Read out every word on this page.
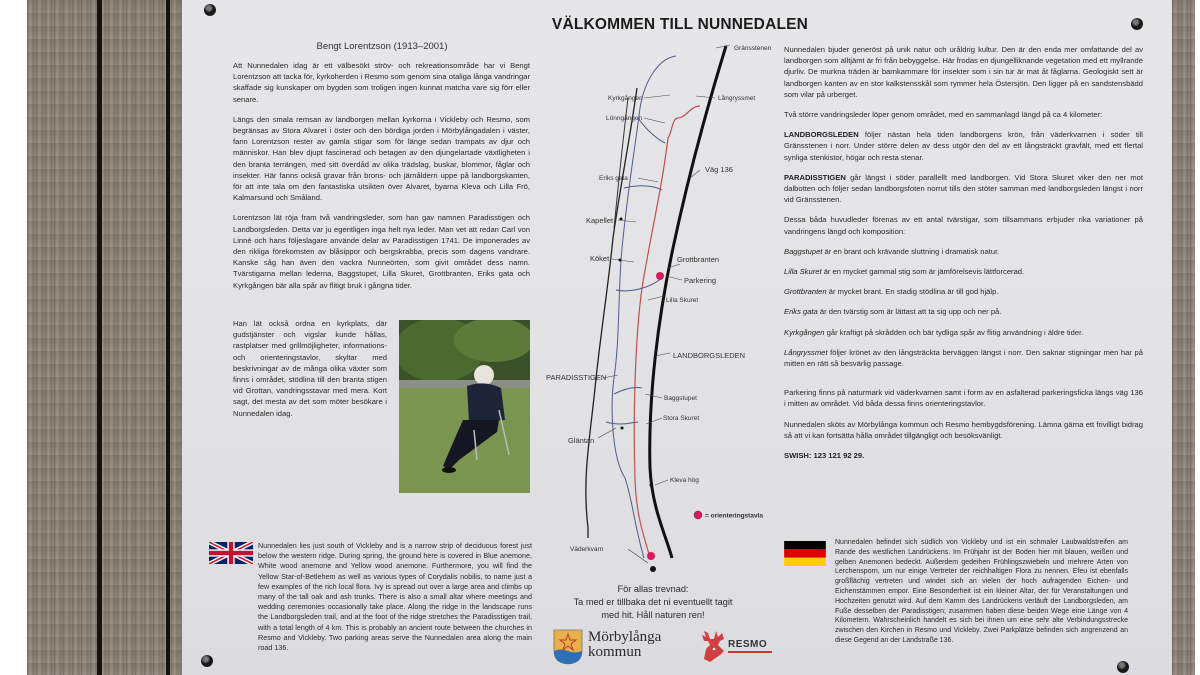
VÄLKOMMEN TILL NUNNEDALEN
Bengt Lorentzson (1913–2001)

Att Nunnedalen idag är ett välbesökt ströv- och rekreationsområde har vi Bengt Lorentzson att tacka för, kyrkoherden i Resmo som genom sina otaliga långa vandringar skaffade sig kunskaper om bygden som troligen ingen kunnat matcha vare sig förr eller senare.

Längs den smala remsan av landborgen mellan kyrkorna i Vickleby och Resmo, som begränsas av Stora Alvaret i öster och den bördiga jorden i Mörbylångadalen i väster, fann Lorentzson rester av gamla stigar som för länge sedan trampats av djur och människor. Han blev djupt fascinerad och betagen av den djungelartade växtligheten i den branta terrängen, med sitt överdåd av olika trädslag, buskar, blommor, fåglar och insekter. Här fanns också gravar från brons- och järnåldern uppe på landborgskanten, för att inte tala om den fantastiska utsikten över Alvaret, byarna Kleva och Lilla Frö, Kalmarsund och Småland.

Lorentzson lät röja fram två vandringsleder, som han gav namnen Paradisstigen och Landborgsleden. Detta var ju egentligen inga helt nya leder. Man vet att redan Carl von Linné och hans följeslagare använde delar av Paradisstigen 1741. De imponerades av den rikliga förekomsten av blåsippor och bergskrabba, precis som dagens vandrare. Kanske såg han även den vackra Nunneörten, som givit området dess namn. Tvärstigarna mellan lederna, Baggstupet, Lilla Skuret, Grottbranten, Eriks gata och Kyrkgången bär alla spår av flitigt bruk i gångna tider.

Han lät också ordna en kyrkplats, där gudstjänster och vigslar kunde hållas, rastplatser med grillmöjligheter, informations- och orienteringstavlor, skyltar med beskrivningar av de många olika växter som finns i området, stödlina till den branta stigen vid Grottan, vandringsstavar med mera. Kort sagt, det mesta av det som möter besökare i Nunnedalen idag.

Nunnedalen lies just south of Vickleby and is a narrow strip of deciduous forest just below the western ridge. During spring, the ground here is covered in Blue anemone, White wood anemone and Yellow wood anemone. Furthermore, you will find the Yellow Star-of-Betlehem as well as various types of Corydalis nobilis, to name just a few examples of the rich local flora. Ivy is spread out over a large area and climbs up many of the tall oak and ash trunks. There is also a small altar where meetings and wedding ceremonies occasionally take place. Along the ridge in the landscape runs the Landborgsleden trail, and at the foot of the ridge stretches the Paradisstigen trail, with a total length of 4 km. This is probably an ancient route between the churches in Resmo and Vickleby. Two parking areas serve the Nunnedalen area along the main road 136.

Nunnedalen bjuder generöst på unik natur och uråldrig kultur. Den är den enda mer omfattande del av landborgen som alltjämt är fri från bebyggelse. Här frodas en djungelliknande vegetation med ett myllrande djurliv. De murkna träden är barnkammare för insekter som i sin tur är mat åt fåglarna. Geologiskt sett är landborgen kanten av en stor kalkstensskål som rymmer hela Östersjön. Den ligger på en sandstensbädd som vilar på urberget.

Två större vandringsleder löper genom området, med en sammanlagd längd på ca 4 kilometer:

LANDBORGSLEDEN följer nästan hela tiden landborgens krön, från väderkvarnen i söder till Gränsstenen i norr. Under större delen av dess utgör den del av ett långsträckt gravfält, med ett flertal synliga stenkistor, högar och resta stenar.

PARADISSTIGEN går längst i söder parallellt med landborgen. Vid Stora Skuret viker den ner mot dalbotten och följer sedan landborgsfoten norrut tills den stöter samman med landborgsleden längst i norr vid Gränsstenen.

Dessa båda huvudleder förenas av ett antal tvärstigar, som tillsammans erbjuder rika variationer på vandringens längd och komposition:

Baggstupet är en brant och krävande sluttning i dramatisk natur.

Lilla Skuret är en mycket gammal stig som är jämförelsevis lättforcerad.

Grottbranten är mycket brant. En stadig stödlina är till god hjälp.

Eriks gata är den tvärstig som är lättast att ta sig upp och ner på.

Kyrkgången går kraftigt på skrådden och bär tydliga spår av flitig användning i äldre tider.

Långryssmet följer krönet av den långsträckta berväggen längst i norr. Den saknar stigningar men har på mitten en rätt så besvärlig passage.

Parkering finns på naturmark vid väderkvarnen samt i form av en asfalterad parkeringsficka längs väg 136 i mitten av området. Vid båda dessa finns orienteringstavlor.

Nunnedalen sköts av Mörbylånga kommun och Resmo hembygdsförening. Lämna gärna ett frivilligt bidrag så att vi kan fortsätta hålla området tillgängligt och besöksvänligt.

SWISH: 123 121 92 29.

Nunnedalen befindet sich südlich von Vickleby und ist ein schmaler Laubwaldstreifen am Rande des westlichen Landrückens. Im Frühjahr ist der Boden hier mit blauen, weißen und gelben Anemonen bedeckt. Außerdem gedeihen Frühlingszwiebeln und mehrere Arten von Lerchensporn, um nur einige Vertreter der reichhaltigen Flora zu nennen. Efeu ist ebenfalls großflächig vertreten und windet sich an vielen der hoch aufragenden Eichen- und Eichenstämmen empor. Eine Besonderheit ist ein kleiner Altar, der für Veranstaltungen und Hochzeiten genutzt wird. Auf dem Kamm des Landrückens verläuft der Landborgsleden, am Fuße desselben der Paradisstigen; zusammen haben diese beiden Wege eine Länge von 4 Kilometern. Wahrscheinlich handelt es sich bei ihnen um eine sehr alte Verbindungsstrecke zwischen den Kirchen in Resmo und Vickleby. Zwei Parkplätze befinden sich angrenzend an diese Gegend an der Landstraße 136.
Gränsstenen
Kyrkgången	Långryssmet
Lönngången
Väg 136
Eriks gata
Kapellet
Köket	Grottbranten
Parkering
Lilla Skuret
LANDBORGSLEDEN
PARADISSTIGEN
Baggstupet
Stora Skuret
Gläntan
Kleva hög
Väderkvarn
= orienteringstavla
För allas trevnad:
Ta med er tillbaka det ni eventuellt tagit
med hit. Håll naturen ren!
Mörbylånga
kommun	RESMO
